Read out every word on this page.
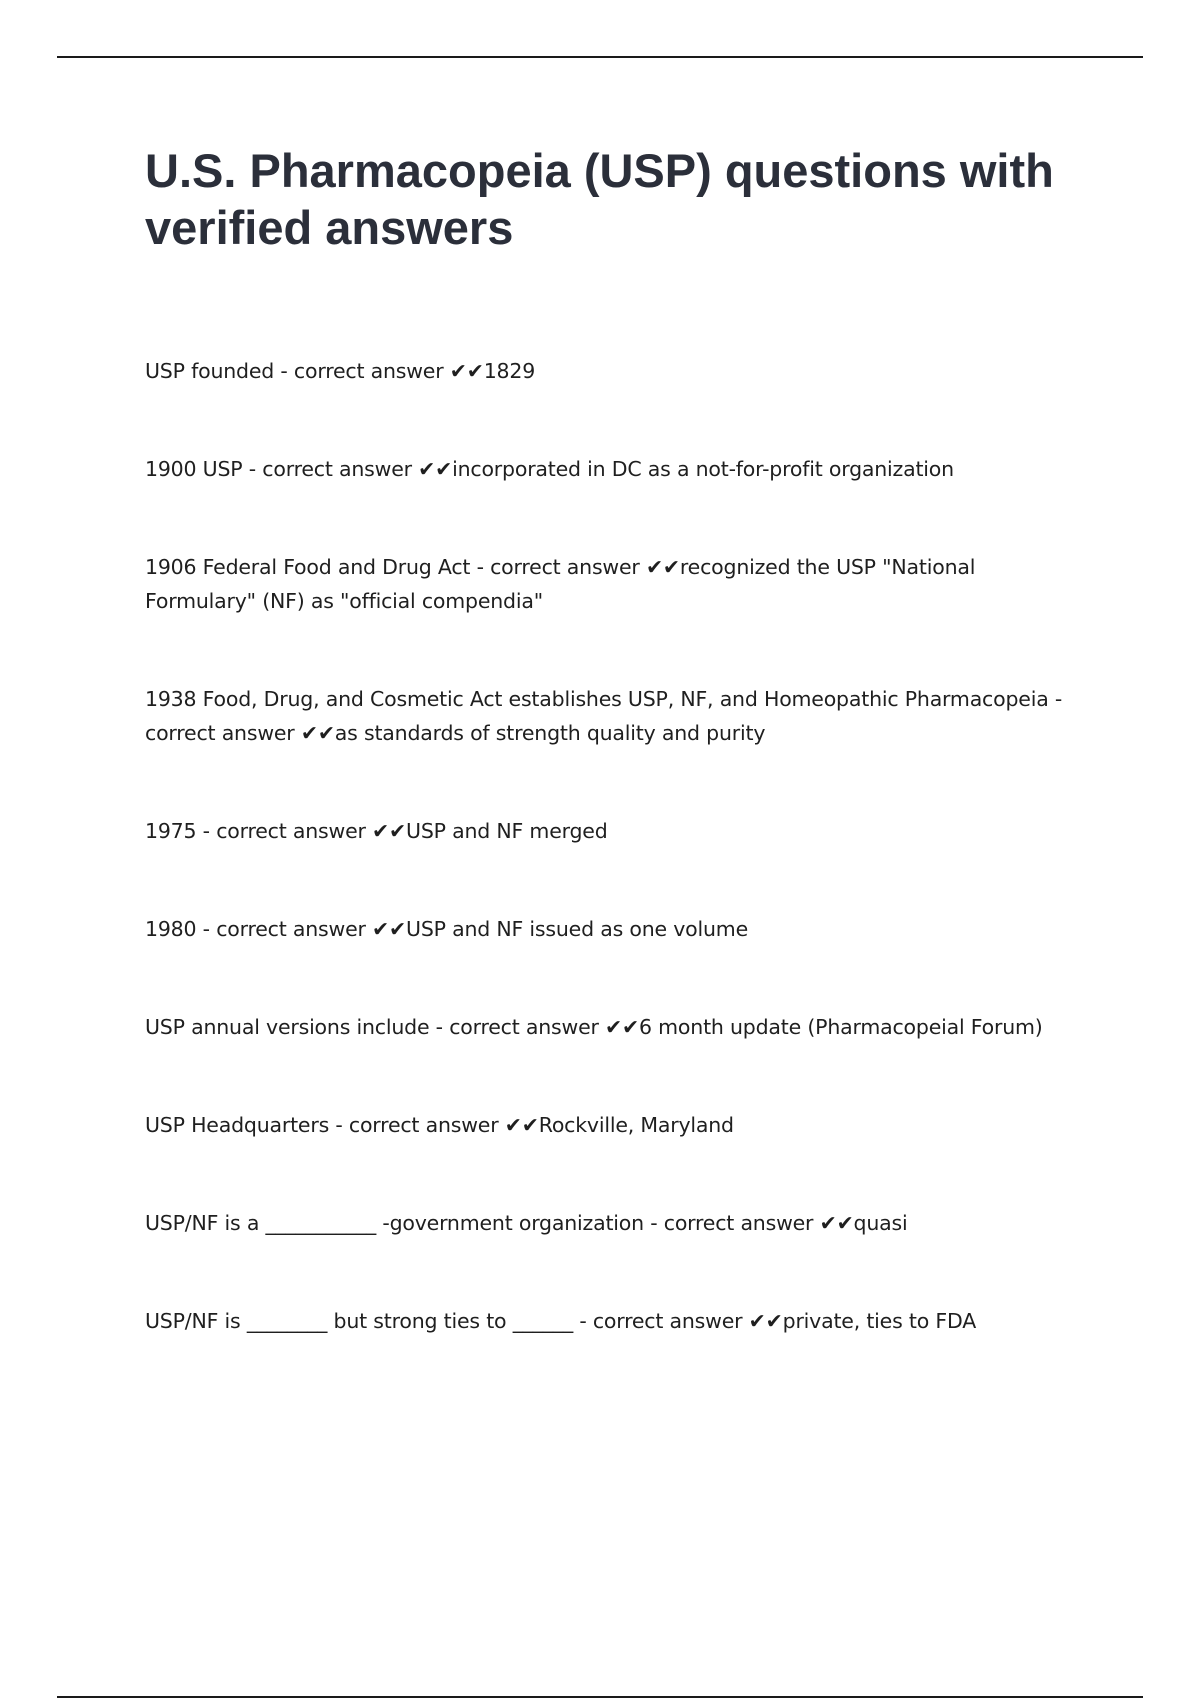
U.S. Pharmacopeia (USP) questions with verified answers
USP founded - correct answer ✔✔1829
1900 USP - correct answer ✔✔incorporated in DC as a not-for-profit organization
1906 Federal Food and Drug Act - correct answer ✔✔recognized the USP "National Formulary" (NF) as "official compendia"
1938 Food, Drug, and Cosmetic Act establishes USP, NF, and Homeopathic Pharmacopeia - correct answer ✔✔as standards of strength quality and purity
1975 - correct answer ✔✔USP and NF merged
1980 - correct answer ✔✔USP and NF issued as one volume
USP annual versions include - correct answer ✔✔6 month update (Pharmacopeial Forum)
USP Headquarters - correct answer ✔✔Rockville, Maryland
USP/NF is a ___________ -government organization - correct answer ✔✔quasi
USP/NF is ________ but strong ties to ______ - correct answer ✔✔private, ties to FDA
